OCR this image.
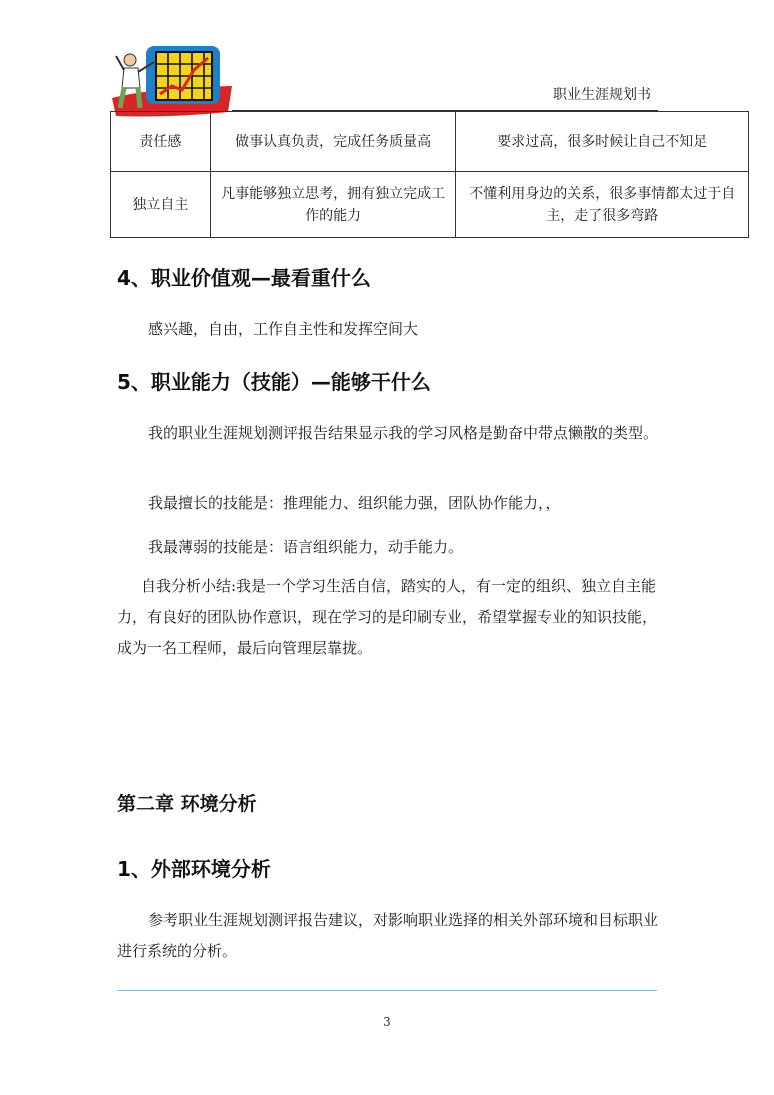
职业生涯规划书
责任感	做事认真负责，完成任务质量高	要求过高，很多时候让自己不知足
独立自主	凡事能够独立思考，拥有独立完成工作的能力	不懂利用身边的关系，很多事情都太过于自主，走了很多弯路
4、职业价值观—最看重什么
感兴趣，自由，工作自主性和发挥空间大
5、职业能力（技能）—能够干什么
我的职业生涯规划测评报告结果显示我的学习风格是勤奋中带点懒散的类型。
我最擅长的技能是：推理能力、组织能力强，团队协作能力，，
我最薄弱的技能是：语言组织能力，动手能力。
自我分析小结:我是一个学习生活自信，踏实的人，有一定的组织、独立自主能力，有良好的团队协作意识，现在学习的是印刷专业，希望掌握专业的知识技能，成为一名工程师，最后向管理层靠拢。
第二章 环境分析
1、外部环境分析
参考职业生涯规划测评报告建议，对影响职业选择的相关外部环境和目标职业进行系统的分析。
3
